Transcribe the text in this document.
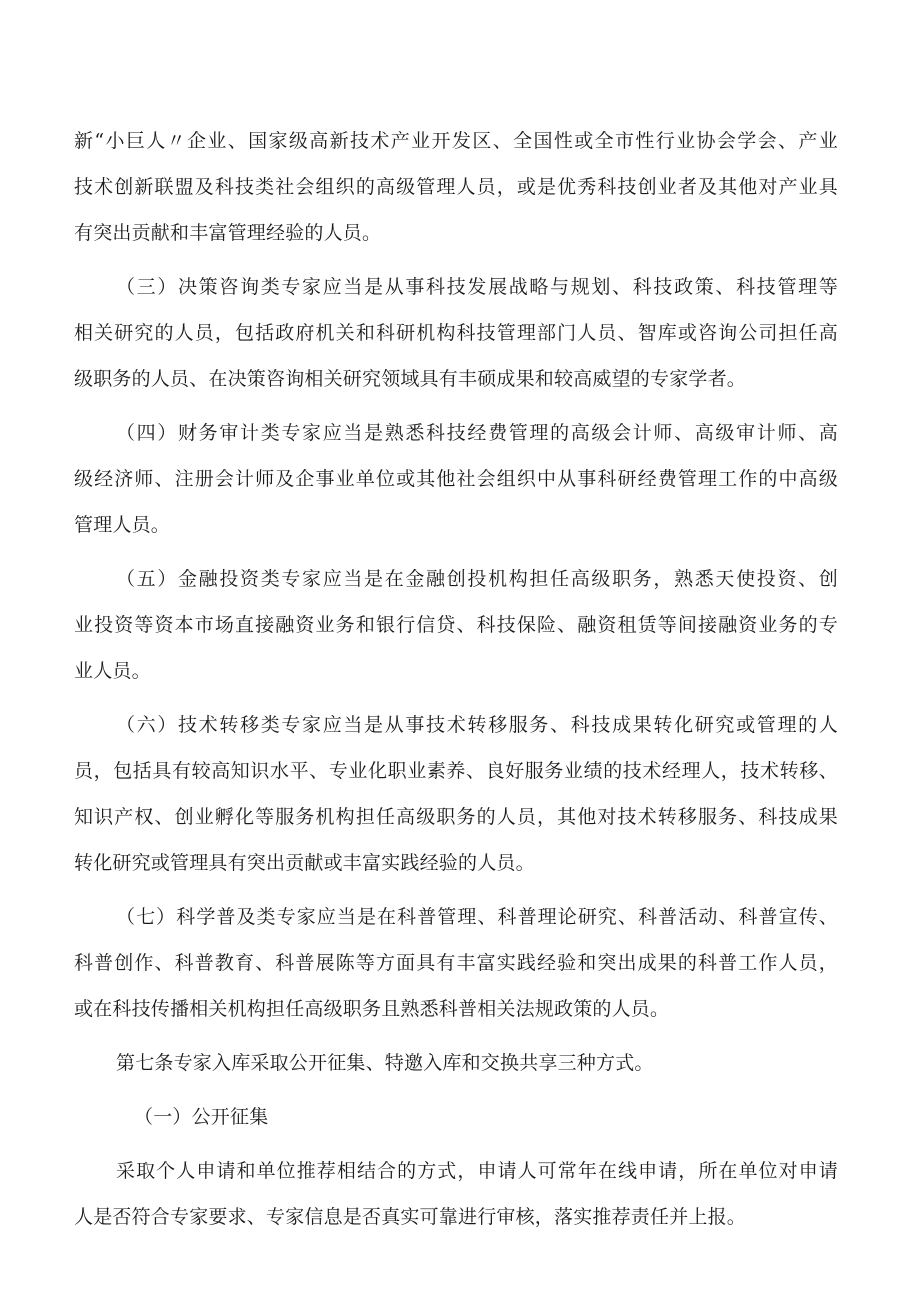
新“小巨人〃企业、国家级高新技术产业开发区、全国性或全市性行业协会学会、产业
技术创新联盟及科技类社会组织的高级管理人员，或是优秀科技创业者及其他对产业具
有突出贡献和丰富管理经验的人员。
（三）决策咨询类专家应当是从事科技发展战略与规划、科技政策、科技管理等
相关研究的人员，包括政府机关和科研机构科技管理部门人员、智库或咨询公司担任高
级职务的人员、在决策咨询相关研究领域具有丰硕成果和较高威望的专家学者。
（四）财务审计类专家应当是熟悉科技经费管理的高级会计师、高级审计师、高
级经济师、注册会计师及企事业单位或其他社会组织中从事科研经费管理工作的中高级
管理人员。
（五）金融投资类专家应当是在金融创投机构担任高级职务，熟悉天使投资、创
业投资等资本市场直接融资业务和银行信贷、科技保险、融资租赁等间接融资业务的专
业人员。
（六）技术转移类专家应当是从事技术转移服务、科技成果转化研究或管理的人
员，包括具有较高知识水平、专业化职业素养、良好服务业绩的技术经理人，技术转移、
知识产权、创业孵化等服务机构担任高级职务的人员，其他对技术转移服务、科技成果
转化研究或管理具有突出贡献或丰富实践经验的人员。
（七）科学普及类专家应当是在科普管理、科普理论研究、科普活动、科普宣传、
科普创作、科普教育、科普展陈等方面具有丰富实践经验和突出成果的科普工作人员，
或在科技传播相关机构担任高级职务且熟悉科普相关法规政策的人员。
第七条专家入库采取公开征集、特邀入库和交换共享三种方式。
（一）公开征集
采取个人申请和单位推荐相结合的方式，申请人可常年在线申请，所在单位对申请
人是否符合专家要求、专家信息是否真实可靠进行审核，落实推荐责任并上报。
